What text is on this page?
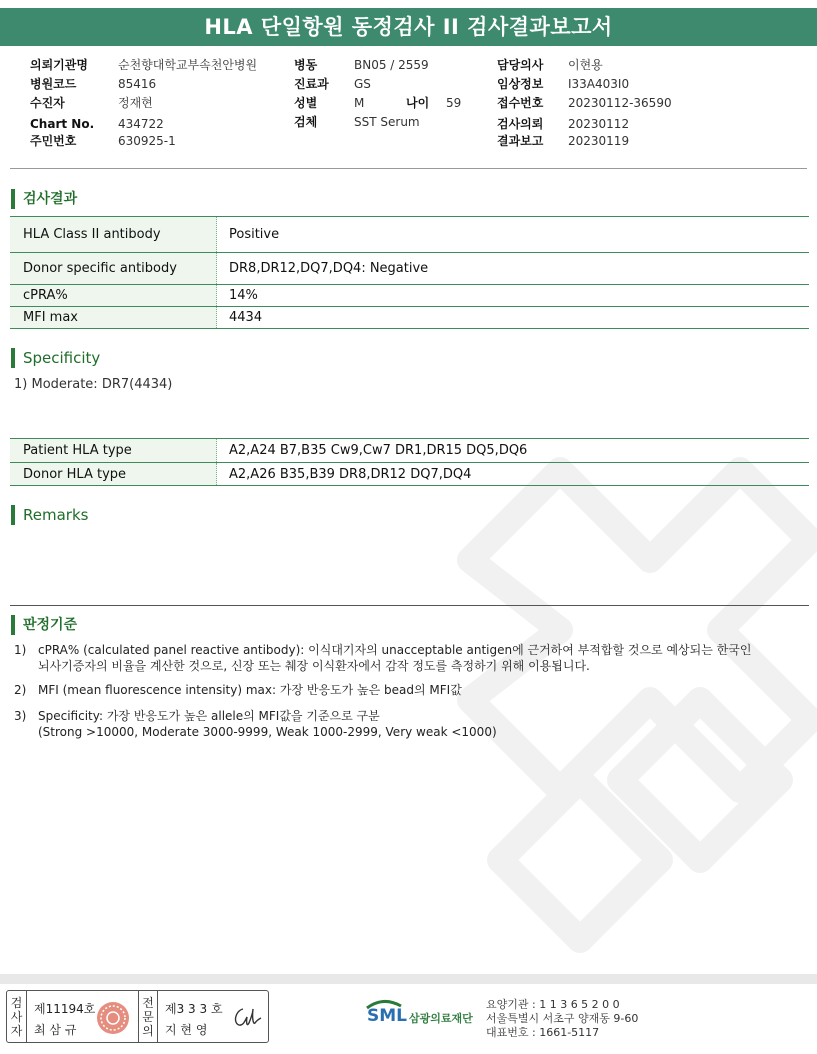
HLA 단일항원 동정검사 II 검사결과보고서
의뢰기관명	순천향대학교부속천안병원
병원코드	85416
수진자	정재현
Chart No. 434722
주민번호	630925-1
병동	BN05 / 2559
진료과 GS
성별	M	나이 59
검체	SST Serum
담당의사 이현용
임상정보 I33A403I0
접수번호 20230112-36590
검사의뢰 20230112
결과보고 20230119
검사결과
HLA Class II antibody	Positive
Donor specific antibody	DR8,DR12,DQ7,DQ4: Negative
cPRA%	14%
MFI max	4434
Specificity
1) Moderate: DR7(4434)
Patient HLA type	A2,A24 B7,B35 Cw9,Cw7 DR1,DR15 DQ5,DQ6
Donor HLA type	A2,A26 B35,B39 DR8,DR12 DQ7,DQ4
Remarks
판정기준
1) cPRA% (calculated panel reactive antibody): 이식대기자의 unacceptable antigen에 근거하여 부적합할 것으로 예상되는 한국인
뇌사기증자의 비율을 계산한 것으로, 신장 또는 췌장 이식환자에서 감작 정도를 측정하기 위해 이용됩니다.
2) MFI (mean fluorescence intensity) max: 가장 반응도가 높은 bead의 MFI값
3) Specificity: 가장 반응도가 높은 allele의 MFI값을 기준으로 구분
(Strong >10000, Moderate 3000-9999, Weak 1000-2999, Very weak <1000)
검
사
자
제11194호
최 삼 규
전
문
의
제3 3 3 호
지 현 영
SML 삼광의료재단
요양기관 : 1 1 3 6 5 2 0 0
서울특별시 서초구 양재동 9-60
대표번호 : 1661-5117
